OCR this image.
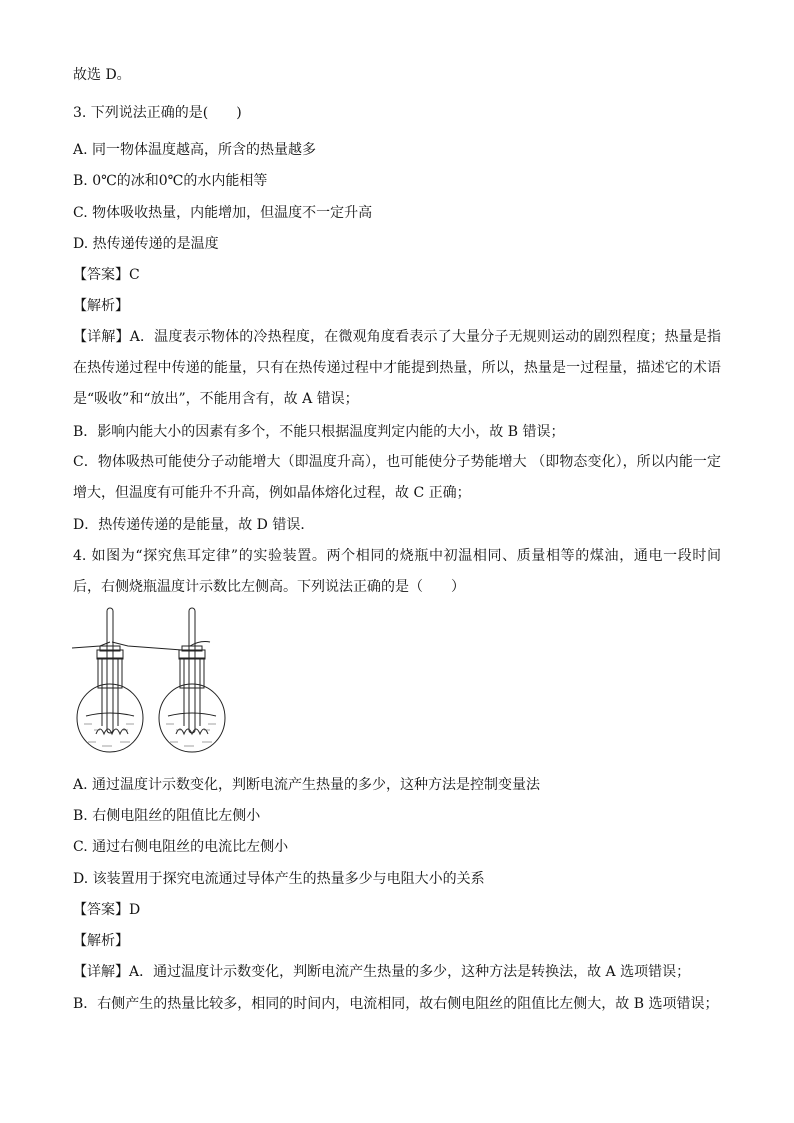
故选 D。
3. 下列说法正确的是(　　)
A. 同一物体温度越高，所含的热量越多
B. 0℃的冰和0℃的水内能相等
C. 物体吸收热量，内能增加，但温度不一定升高
D. 热传递传递的是温度
【答案】C
【解析】
【详解】A．温度表示物体的冷热程度，在微观角度看表示了大量分子无规则运动的剧烈程度；热量是指在热传递过程中传递的能量，只有在热传递过程中才能提到热量，所以，热量是一过程量，描述它的术语是“吸收”和“放出”，不能用含有，故 A 错误；
B．影响内能大小的因素有多个，不能只根据温度判定内能的大小，故 B 错误；
C．物体吸热可能使分子动能增大（即温度升高），也可能使分子势能增大 （即物态变化），所以内能一定增大，但温度有可能升不升高，例如晶体熔化过程，故 C 正确；
D．热传递传递的是能量，故 D 错误．
4. 如图为“探究焦耳定律”的实验装置。两个相同的烧瓶中初温相同、质量相等的煤油，通电一段时间后，右侧烧瓶温度计示数比左侧高。下列说法正确的是（　　）
A. 通过温度计示数变化，判断电流产生热量的多少，这种方法是控制变量法
B. 右侧电阻丝的阻值比左侧小
C. 通过右侧电阻丝的电流比左侧小
D. 该装置用于探究电流通过导体产生的热量多少与电阻大小的关系
【答案】D
【解析】
【详解】A．通过温度计示数变化，判断电流产生热量的多少，这种方法是转换法，故 A 选项错误；
B．右侧产生的热量比较多，相同的时间内，电流相同，故右侧电阻丝的阻值比左侧大，故 B 选项错误；
